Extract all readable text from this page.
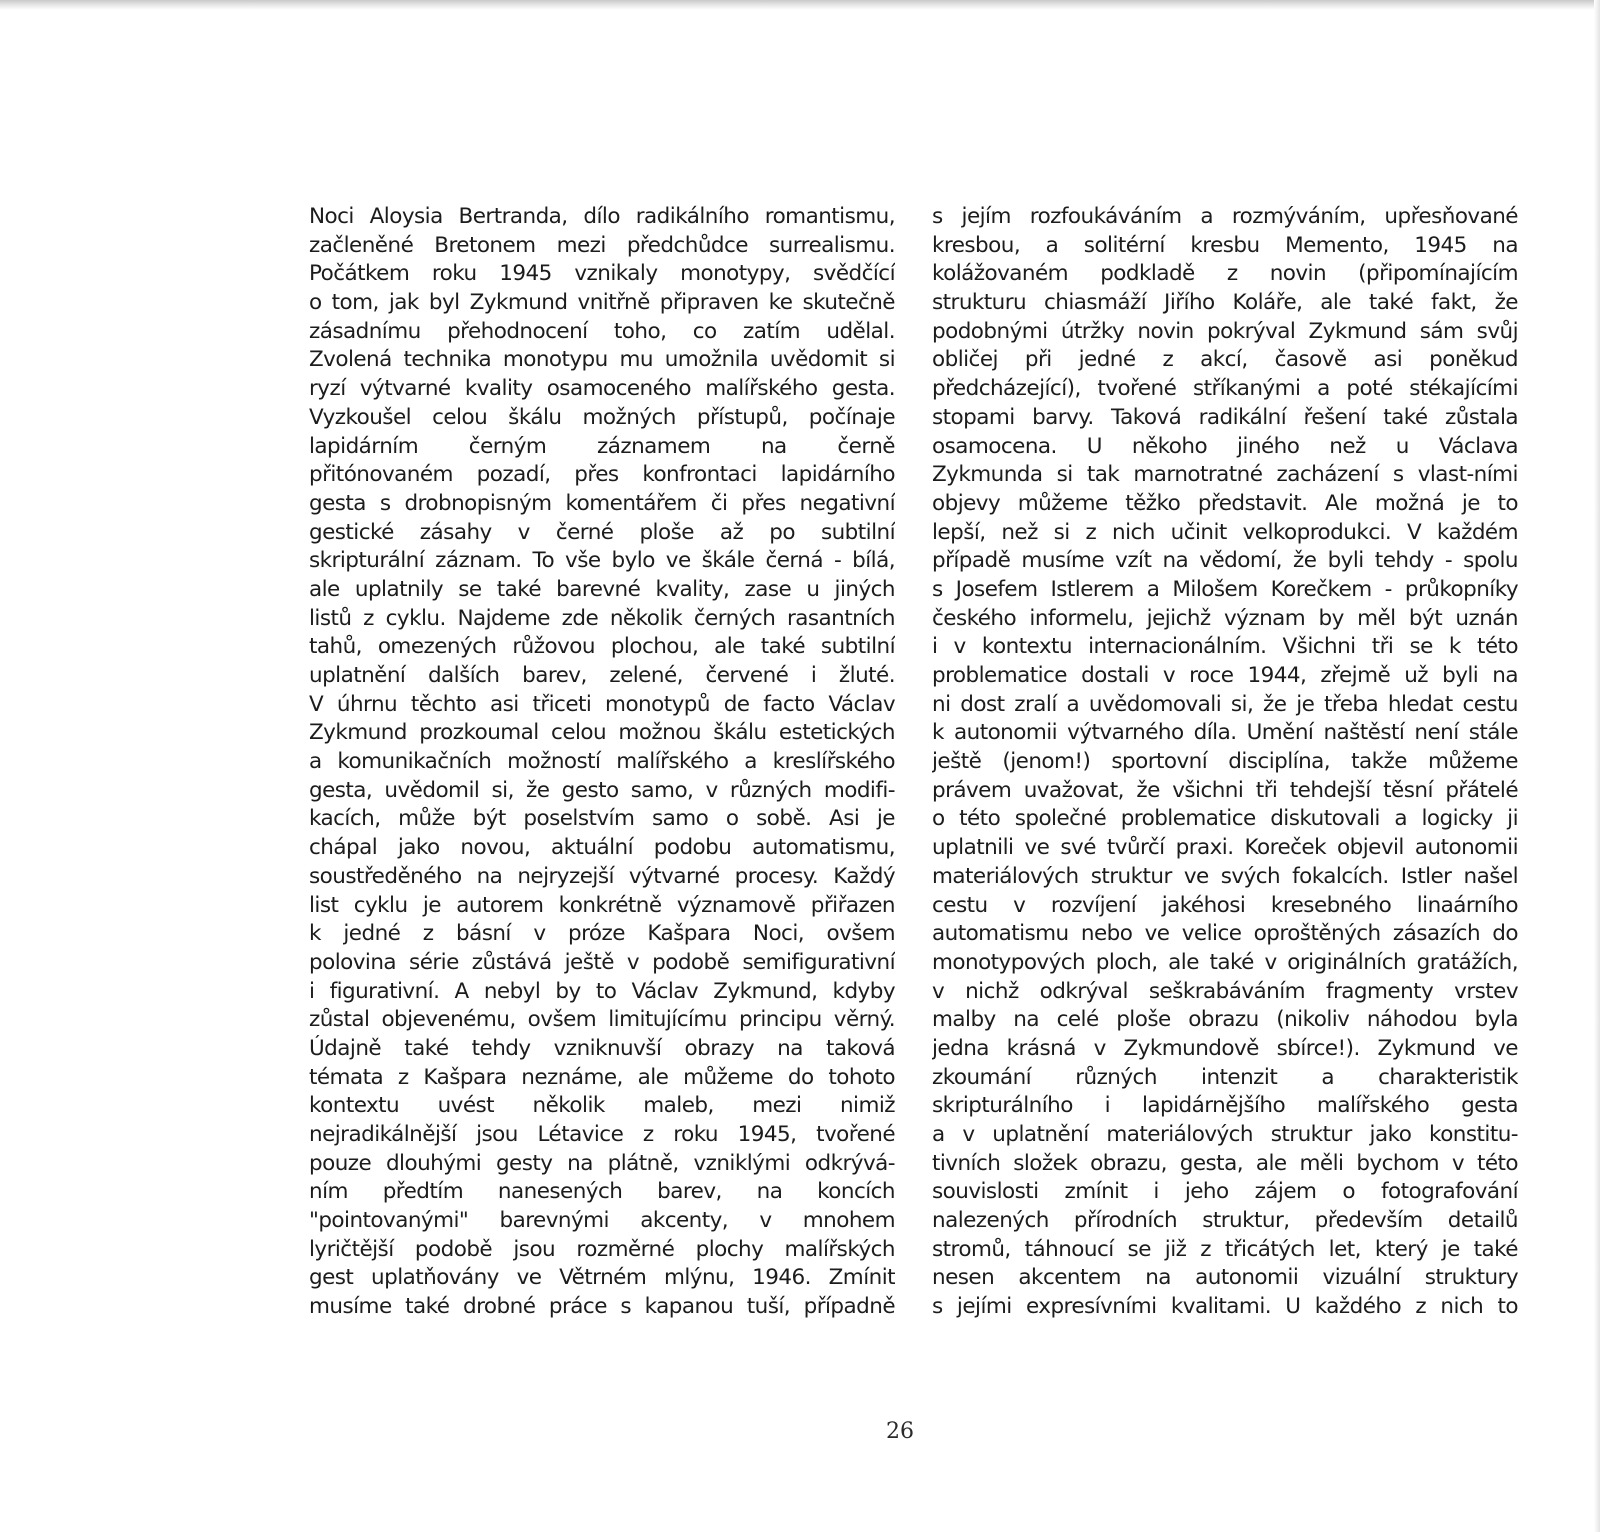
Noci Aloysia Bertranda, dílo radikálního romantismu,
začleněné Bretonem mezi předchůdce surrealismu.
Počátkem roku 1945 vznikaly monotypy, svědčící
o tom, jak byl Zykmund vnitřně připraven ke skutečně
zásadnímu přehodnocení toho, co zatím udělal.
Zvolená technika monotypu mu umožnila uvědomit si
ryzí výtvarné kvality osamoceného malířského gesta.
Vyzkoušel celou škálu možných přístupů, počínaje
lapidárním černým záznamem na černě
přitónovaném pozadí, přes konfrontaci lapidárního
gesta s drobnopisným komentářem či přes negativní
gestické zásahy v černé ploše až po subtilní
skripturální záznam. To vše bylo ve škále černá - bílá,
ale uplatnily se také barevné kvality, zase u jiných
listů z cyklu. Najdeme zde několik černých rasantních
tahů, omezených růžovou plochou, ale také subtilní
uplatnění dalších barev, zelené, červené i žluté.
V úhrnu těchto asi třiceti monotypů de facto Václav
Zykmund prozkoumal celou možnou škálu estetických
a komunikačních možností malířského a kreslířského
gesta, uvědomil si, že gesto samo, v různých modifi-
kacích, může být poselstvím samo o sobě. Asi je
chápal jako novou, aktuální podobu automatismu,
soustředěného na nejryzejší výtvarné procesy. Každý
list cyklu je autorem konkrétně významově přiřazen
k jedné z básní v próze Kašpara Noci, ovšem
polovina série zůstává ještě v podobě semifigurativní
i figurativní. A nebyl by to Václav Zykmund, kdyby
zůstal objevenému, ovšem limitujícímu principu věrný.
Údajně také tehdy vzniknuvší obrazy na taková
témata z Kašpara neznáme, ale můžeme do tohoto
kontextu uvést několik maleb, mezi nimiž
nejradikálnější jsou Létavice z roku 1945, tvořené
pouze dlouhými gesty na plátně, vzniklými odkrývá-
ním předtím nanesených barev, na koncích
"pointovanými" barevnými akcenty, v mnohem
lyričtější podobě jsou rozměrné plochy malířských
gest uplatňovány ve Větrném mlýnu, 1946. Zmínit
musíme také drobné práce s kapanou tuší, případně
s jejím rozfoukáváním a rozmýváním, upřesňované
kresbou, a solitérní kresbu Memento, 1945 na
kolážovaném podkladě z novin (připomínajícím
strukturu chiasmáží Jiřího Koláře, ale také fakt, že
podobnými útržky novin pokrýval Zykmund sám svůj
obličej při jedné z akcí, časově asi poněkud
předcházející), tvořené stříkanými a poté stékajícími
stopami barvy. Taková radikální řešení také zůstala
osamocena. U někoho jiného než u Václava
Zykmunda si tak marnotratné zacházení s vlast-ními
objevy můžeme těžko představit. Ale možná je to
lepší, než si z nich učinit velkoprodukci. V každém
případě musíme vzít na vědomí, že byli tehdy - spolu
s Josefem Istlerem a Milošem Korečkem - průkopníky
českého informelu, jejichž význam by měl být uznán
i v kontextu internacionálním. Všichni tři se k této
problematice dostali v roce 1944, zřejmě už byli na
ni dost zralí a uvědomovali si, že je třeba hledat cestu
k autonomii výtvarného díla. Umění naštěstí není stále
ještě (jenom!) sportovní disciplína, takže můžeme
právem uvažovat, že všichni tři tehdejší těsní přátelé
o této společné problematice diskutovali a logicky ji
uplatnili ve své tvůrčí praxi. Koreček objevil autonomii
materiálových struktur ve svých fokalcích. Istler našel
cestu v rozvíjení jakéhosi kresebného linaárního
automatismu nebo ve velice oproštěných zásazích do
monotypových ploch, ale také v originálních gratážích,
v nichž odkrýval seškrabáváním fragmenty vrstev
malby na celé ploše obrazu (nikoliv náhodou byla
jedna krásná v Zykmundově sbírce!). Zykmund ve
zkoumání různých intenzit a charakteristik
skripturálního i lapidárnějšího malířského gesta
a v uplatnění materiálových struktur jako konstitu-
tivních složek obrazu, gesta, ale měli bychom v této
souvislosti zmínit i jeho zájem o fotografování
nalezených přírodních struktur, především detailů
stromů, táhnoucí se již z třicátých let, který je také
nesen akcentem na autonomii vizuální struktury
s jejími expresívními kvalitami. U každého z nich to
26
